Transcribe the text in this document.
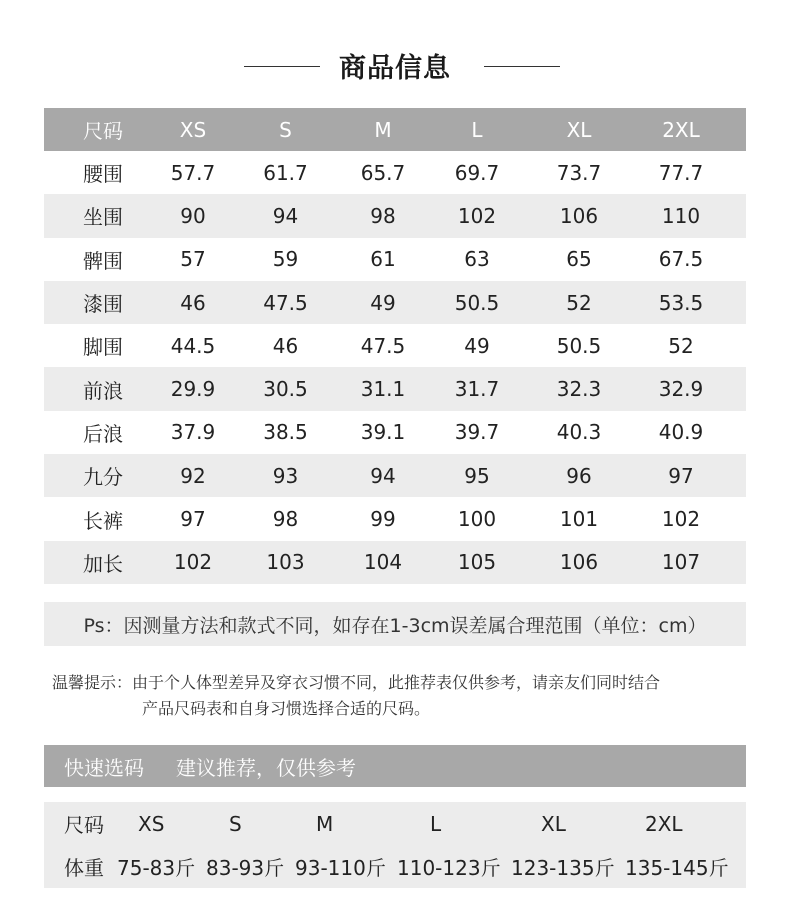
商品信息
尺码	XS	S	M	L	XL	2XL
腰围	57.7	61.7	65.7	69.7	73.7	77.7
坐围	90	94	98	102	106	110
髀围	57	59	61	63	65	67.5
漆围	46	47.5	49	50.5	52	53.5
脚围	44.5	46	47.5	49	50.5	52
前浪	29.9	30.5	31.1	31.7	32.3	32.9
后浪	37.9	38.5	39.1	39.7	40.3	40.9
九分	92	93	94	95	96	97
长裤	97	98	99	100	101	102
加长	102	103	104	105	106	107
Ps：因测量方法和款式不同，如存在1-3cm误差属合理范围（单位：cm）
温馨提示：由于个人体型差异及穿衣习惯不同，此推荐表仅供参考，请亲友们同时结合
产品尺码表和自身习惯选择合适的尺码。
快速选码 建议推荐，仅供参考
尺码 XS	S	M	L	XL	2XL
体重 75-83斤 83-93斤 93-110斤 110-123斤 123-135斤 135-145斤
